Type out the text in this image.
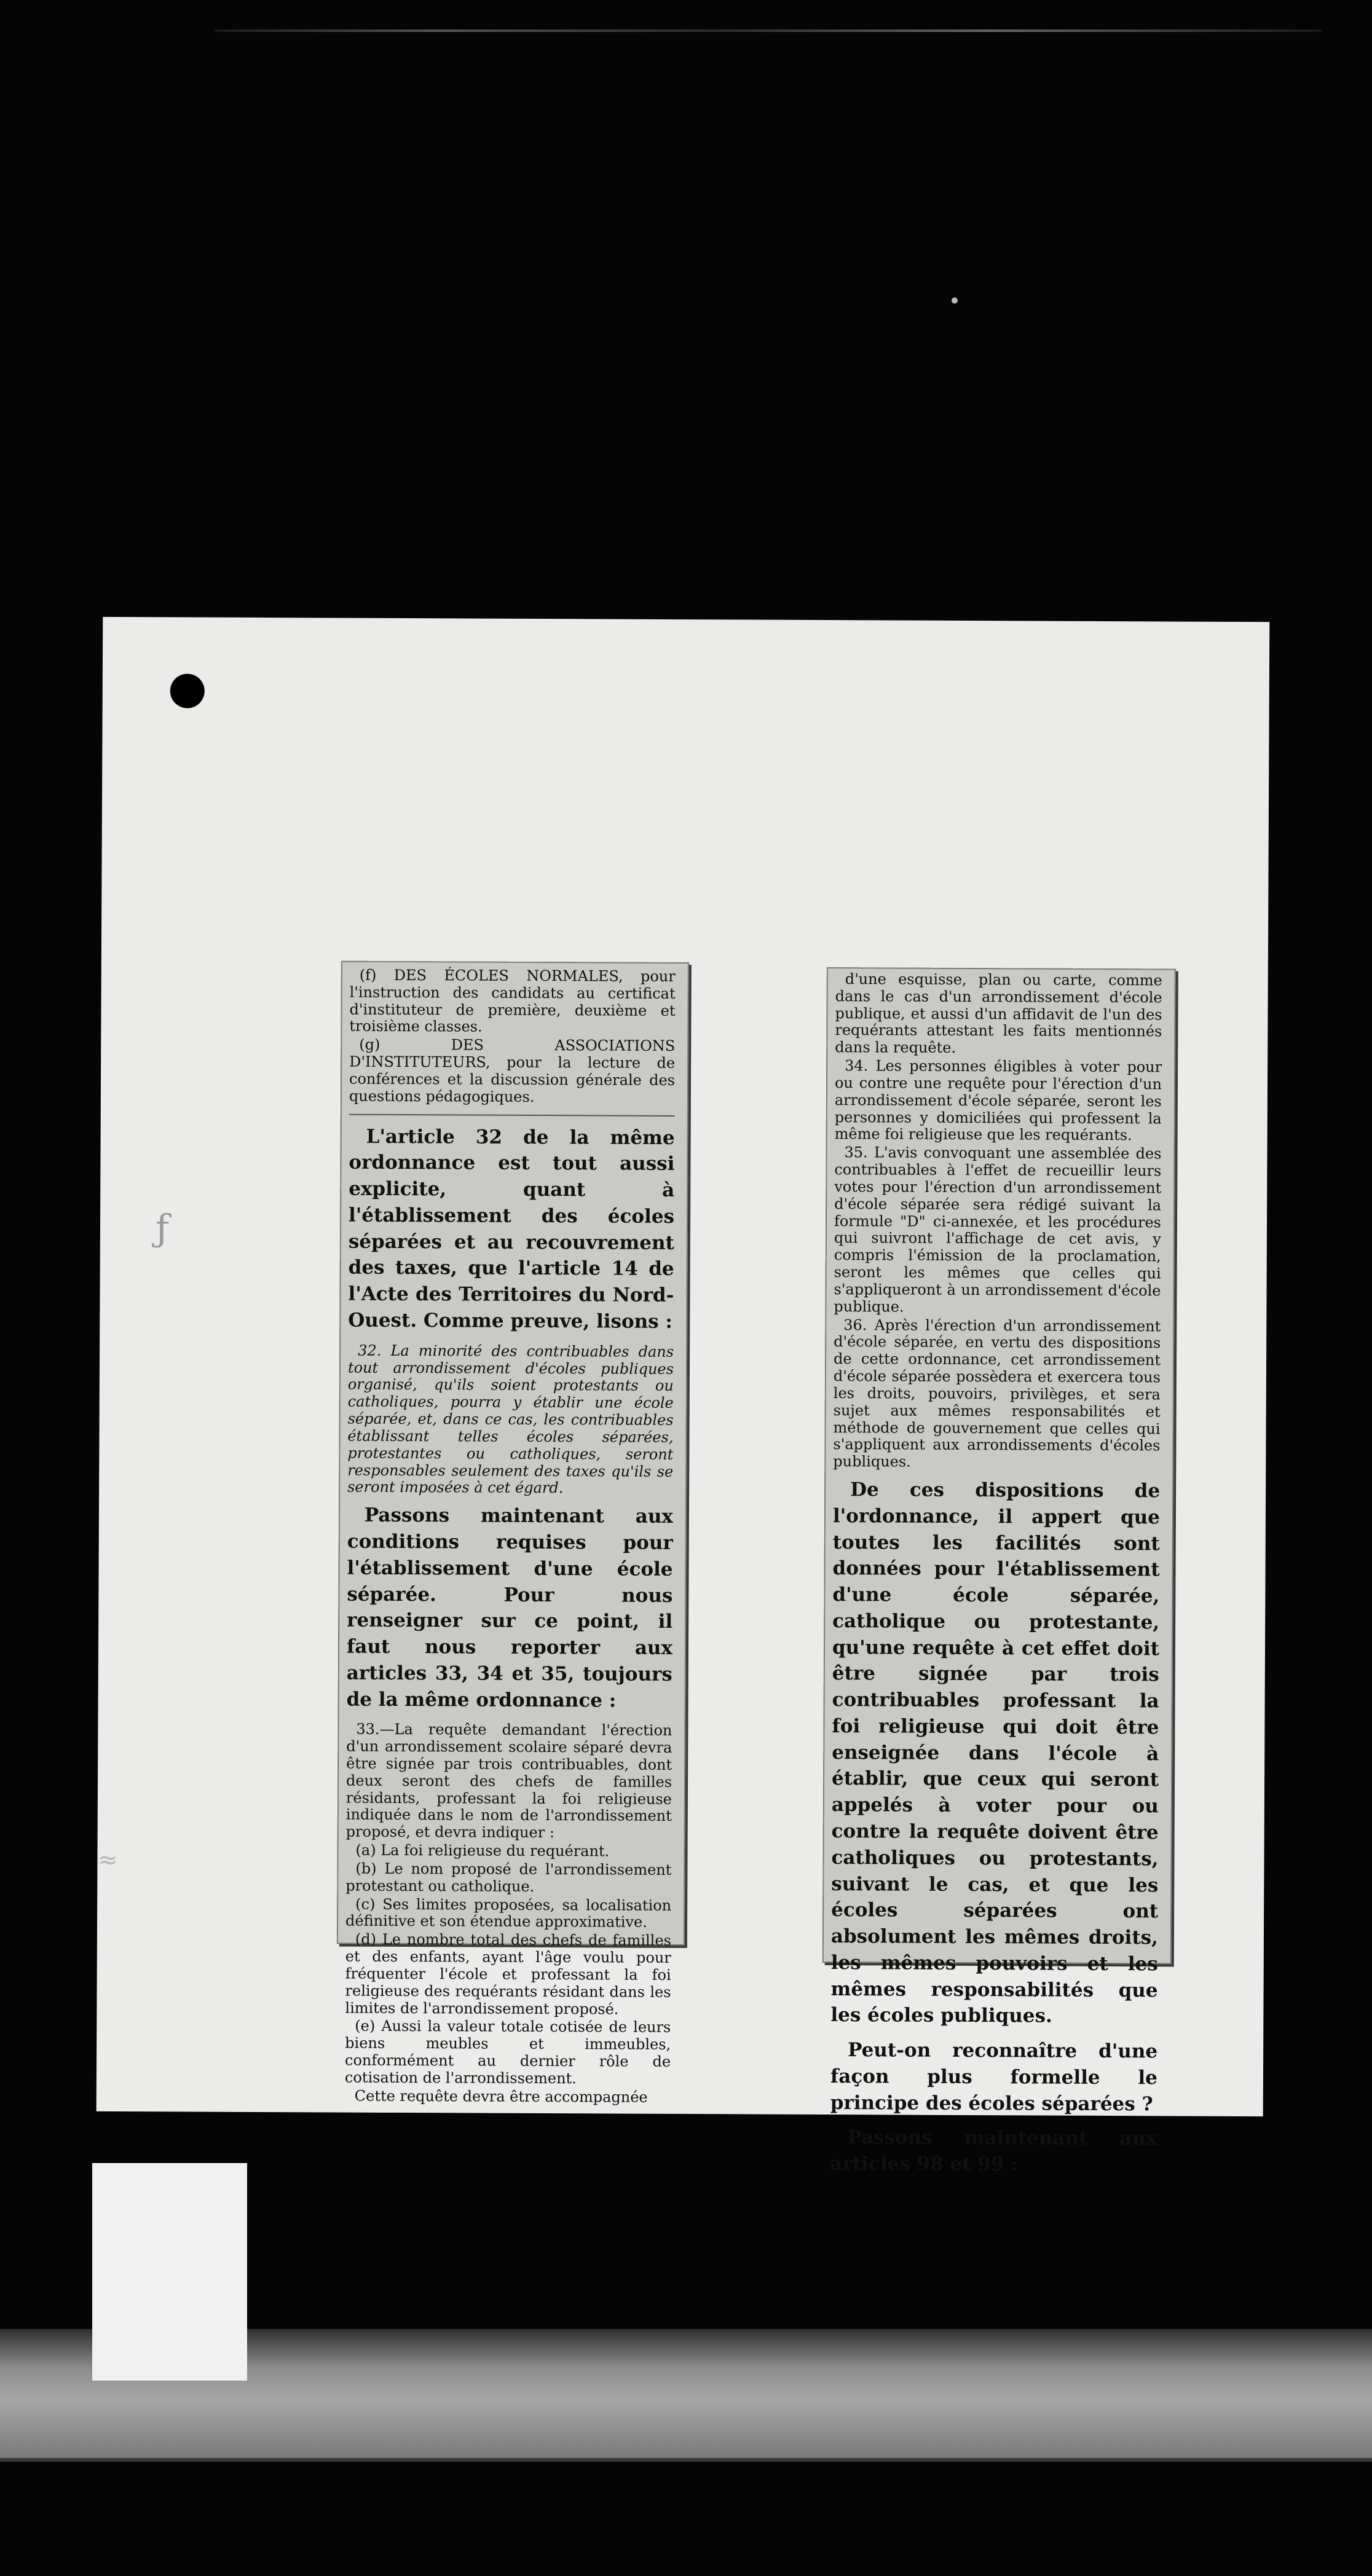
ƒ
≈

(f) DES ÉCOLES NORMALES, pour l'instruction des candidats au certificat d'instituteur de première, deuxième et troisième classes.

(g) DES ASSOCIATIONS D'INSTITUTEURS, pour la lecture de conférences et la discussion générale des questions pédagogiques.

L'article 32 de la même ordonnance est tout aussi explicite, quant à l'établissement des écoles séparées et au recouvrement des taxes, que l'article 14 de l'Acte des Territoires du Nord-Ouest. Comme preuve, lisons :

32. La minorité des contribuables dans tout arrondissement d'écoles publiques organisé, qu'ils soient protestants ou catholiques, pourra y établir une école séparée, et, dans ce cas, les contribuables établissant telles écoles séparées, protestantes ou catholiques, seront responsables seulement des taxes qu'ils se seront imposées à cet égard.

Passons maintenant aux conditions requises pour l'établissement d'une école séparée. Pour nous renseigner sur ce point, il faut nous reporter aux articles 33, 34 et 35, toujours de la même ordonnance :

33.—La requête demandant l'érection d'un arrondissement scolaire séparé devra être signée par trois contribuables, dont deux seront des chefs de familles résidants, professant la foi religieuse indiquée dans le nom de l'arrondissement proposé, et devra indiquer :

(a) La foi religieuse du requérant.

(b) Le nom proposé de l'arrondissement protestant ou catholique.

(c) Ses limites proposées, sa localisation définitive et son étendue approximative.

(d) Le nombre total des chefs de familles et des enfants, ayant l'âge voulu pour fréquenter l'école et professant la foi religieuse des requérants résidant dans les limites de l'arrondissement proposé.

(e) Aussi la valeur totale cotisée de leurs biens meubles et immeubles, conformément au dernier rôle de cotisation de l'arrondissement.

Cette requête devra être accompagnée

d'une esquisse, plan ou carte, comme dans le cas d'un arrondissement d'école publique, et aussi d'un affidavit de l'un des requérants attestant les faits mentionnés dans la requête.

34. Les personnes éligibles à voter pour ou contre une requête pour l'érection d'un arrondissement d'école séparée, seront les personnes y domiciliées qui professent la même foi religieuse que les requérants.

35. L'avis convoquant une assemblée des contribuables à l'effet de recueillir leurs votes pour l'érection d'un arrondissement d'école séparée sera rédigé suivant la formule "D" ci-annexée, et les procédures qui suivront l'affichage de cet avis, y compris l'émission de la proclamation, seront les mêmes que celles qui s'appliqueront à un arrondissement d'école publique.

36. Après l'érection d'un arrondissement d'école séparée, en vertu des dispositions de cette ordonnance, cet arrondissement d'école séparée possèdera et exercera tous les droits, pouvoirs, privilèges, et sera sujet aux mêmes responsabilités et méthode de gouvernement que celles qui s'appliquent aux arrondissements d'écoles publiques.

De ces dispositions de l'ordonnance, il appert que toutes les facilités sont données pour l'établissement d'une école séparée, catholique ou protestante, qu'une requête à cet effet doit être signée par trois contribuables professant la foi religieuse qui doit être enseignée dans l'école à établir, que ceux qui seront appelés à voter pour ou contre la requête doivent être catholiques ou protestants, suivant le cas, et que les écoles séparées ont absolument les mêmes droits, les mêmes pouvoirs et les mêmes responsabilités que les écoles publiques.

Peut-on reconnaître d'une façon plus formelle le principe des écoles séparées ?

Passons maintenant aux articles 98 et 99 :
